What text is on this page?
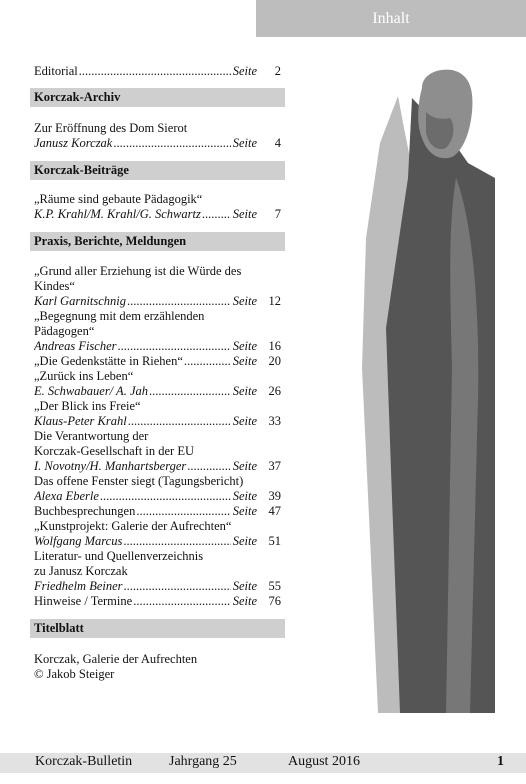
Inhalt
Editorial .....	Seite	2
Korczak-Archiv
Zur Eröffnung des Dom Sierot
Janusz Korczak .....	Seite	4
Korczak-Beiträge
„Räume sind gebaute Pädagogik“
K.P. Krahl/M. Krahl/G. Schwartz .....	Seite	7
Praxis, Berichte, Meldungen
„Grund aller Erziehung ist die Würde des
Kindes“
Karl Garnitschnig .....	Seite 12
„Begegnung mit dem erzählenden
Pädagogen“
Andreas Fischer .....	Seite 16
„Die Gedenkstätte in Riehen“ .....	Seite 20
„Zurück ins Leben“
E. Schwabauer/ A. Jah .....	Seite 26
„Der Blick ins Freie“
Klaus-Peter Krahl .....	Seite 33
Die Verantwortung der
Korczak-Gesellschaft in der EU
I. Novotny/H. Manhartsberger .....	Seite 37
Das offene Fenster siegt (Tagungsbericht)
Alexa Eberle .....	Seite 39
Buchbesprechungen .....	Seite 47
„Kunstprojekt: Galerie der Aufrechten“
Wolfgang Marcus .....	Seite 51
Literatur- und Quellenverzeichnis
zu Janusz Korczak
Friedhelm Beiner .....	Seite 55
Hinweise / Termine .....	Seite 76
Titelblatt
Korczak, Galerie der Aufrechten
© Jakob Steiger
Korczak-Bulletin	Jahrgang 25	August 2016	1
